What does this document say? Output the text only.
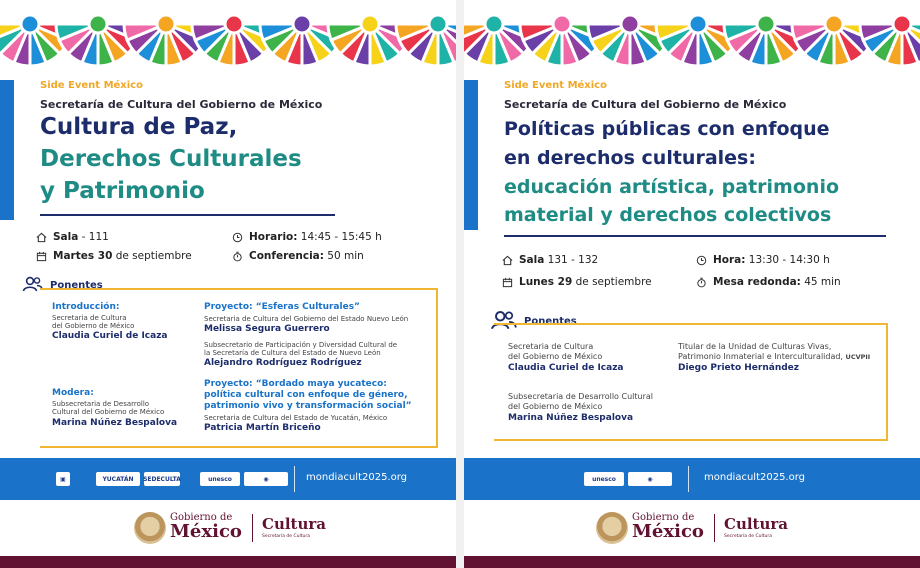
Side Event México
Secretaría de Cultura del Gobierno de México
Cultura de Paz,
Derechos Culturales
y Patrimonio
Sala - 111
Martes 30 de septiembre
Horario: 14:45 - 15:45 h
Conferencia: 50 min
Ponentes
Introducción:
Secretaria de Cultura
del Gobierno de México
Claudia Curiel de Icaza
Modera:
Subsecretaria de Desarrollo
Cultural del Gobierno de México
Marina Núñez Bespalova
Proyecto: “Esferas Culturales”
Secretaria de Cultura del Gobierno del Estado Nuevo León
Melissa Segura Guerrero
Subsecretario de Participación y Diversidad Cultural de
la Secretaría de Cultura del Estado de Nuevo León
Alejandro Rodríguez Rodríguez
Proyecto: “Bordado maya yucateco:
política cultural con enfoque de género,
patrimonio vivo y transformación social”
Secretaria de Cultura del Estado de Yucatán, México
Patricia Martín Briceño
▣	YUCATÁN	SEDECULTA	unesco	◉	mondiacult2025.org
Gobierno de
México Cultura
Secretaría de Cultura
Side Event México
Secretaría de Cultura del Gobierno de México
Políticas públicas con enfoque
en derechos culturales:
educación artística, patrimonio
material y derechos colectivos
Sala 131 - 132
Lunes 29 de septiembre
Hora: 13:30 - 14:30 h
Mesa redonda: 45 min
Ponentes
Secretaria de Cultura
del Gobierno de México
Claudia Curiel de Icaza
Titular de la Unidad de Culturas Vivas,
Patrimonio Inmaterial e Interculturalidad, UCVPII
Diego Prieto Hernández
Subsecretaria de Desarrollo Cultural
del Gobierno de México
Marina Núñez Bespalova
unesco	◉	mondiacult2025.org
Gobierno de
México Cultura
Secretaría de Cultura
